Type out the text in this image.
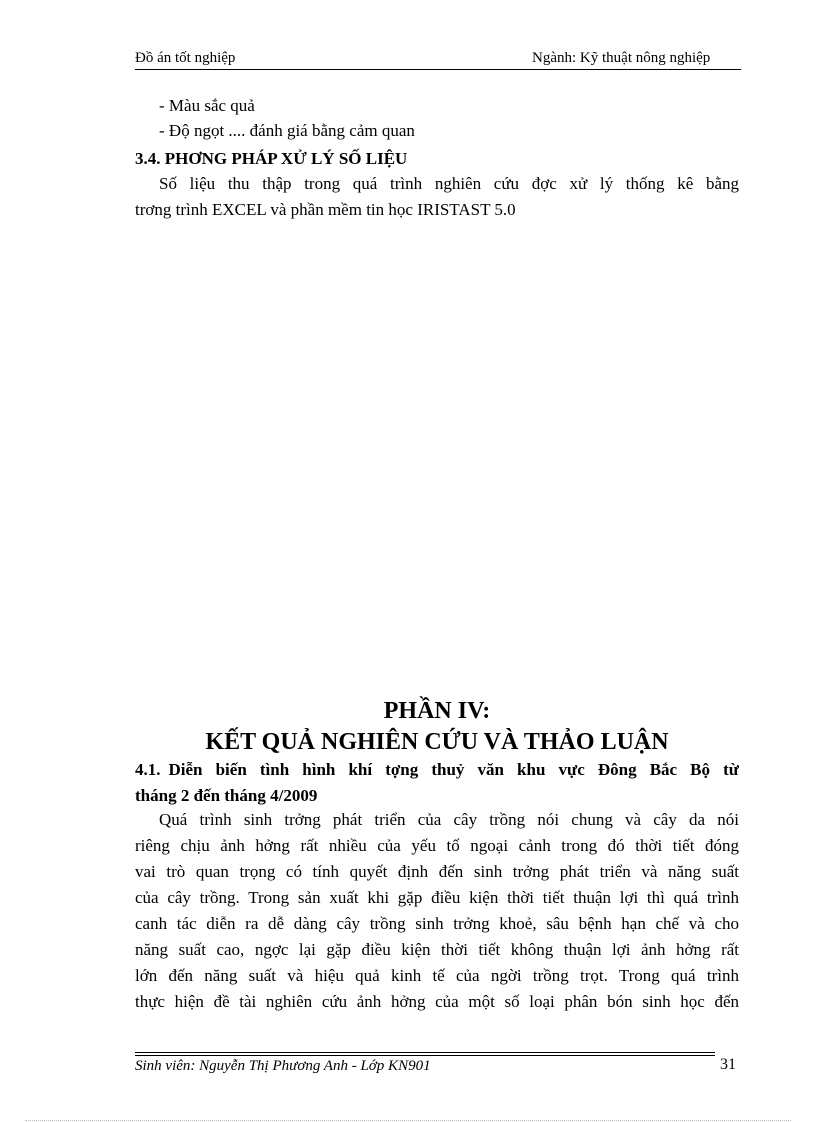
Đồ án tốt nghiệp	Ngành: Kỹ thuật nông nghiệp
- Màu sắc quả
- Độ ngọt .... đánh giá bằng cảm quan
3.4. PHƠNG PHÁP XỬ LÝ SỐ LIỆU
Số liệu thu thập trong quá trình nghiên cứu đợc xử lý thống kê bằng
trơng trình EXCEL và phần mềm tin học IRISTAST 5.0
PHẦN IV:
KẾT QUẢ NGHIÊN CỨU VÀ THẢO LUẬN
4.1. Diễn biến tình hình khí tợng thuỷ văn khu vực Đông Bắc Bộ từ
tháng 2 đến tháng 4/2009
Quá trình sinh trởng phát triển của cây trồng nói chung và cây da nói
riêng chịu ảnh hởng rất nhiều của yếu tố ngoại cảnh trong đó thời tiết đóng
vai trò quan trọng có tính quyết định đến sinh trởng phát triển và năng suất
của cây trồng. Trong sản xuất khi gặp điều kiện thời tiết thuận lợi thì quá trình
canh tác diễn ra dễ dàng cây trồng sinh trởng khoẻ, sâu bệnh hạn chế và cho
năng suất cao, ngợc lại gặp điều kiện thời tiết không thuận lợi ảnh hởng rất
lớn đến năng suất và hiệu quả kinh tế của ngời trồng trọt. Trong quá trình
thực hiện đề tài nghiên cứu ảnh hởng của một số loại phân bón sinh học đến
Sinh viên: Nguyễn Thị Phương Anh - Lớp KN901	31
